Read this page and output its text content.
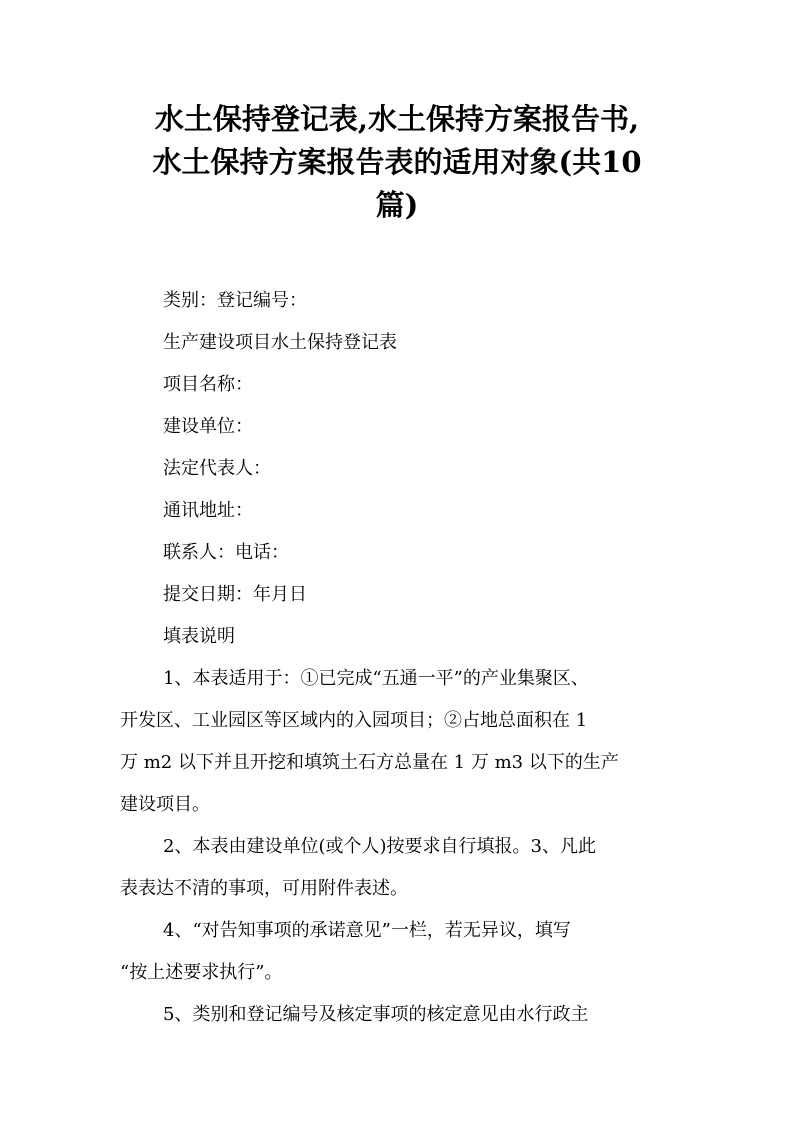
水土保持登记表,水土保持方案报告书,
水土保持方案报告表的适用对象(共10
篇)

类别：登记编号：

生产建设项目水土保持登记表

项目名称：

建设单位：

法定代表人：

通讯地址：

联系人：电话：

提交日期：年月日

填表说明

1、本表适用于：①已完成“五通一平”的产业集聚区、

开发区、工业园区等区域内的入园项目；②占地总面积在 1

万 m2 以下并且开挖和填筑土石方总量在 1 万 m3 以下的生产

建设项目。

2、本表由建设单位(或个人)按要求自行填报。3、凡此

表表达不清的事项，可用附件表述。

4、“对告知事项的承诺意见”一栏，若无异议，填写

“按上述要求执行”。

5、类别和登记编号及核定事项的核定意见由水行政主
